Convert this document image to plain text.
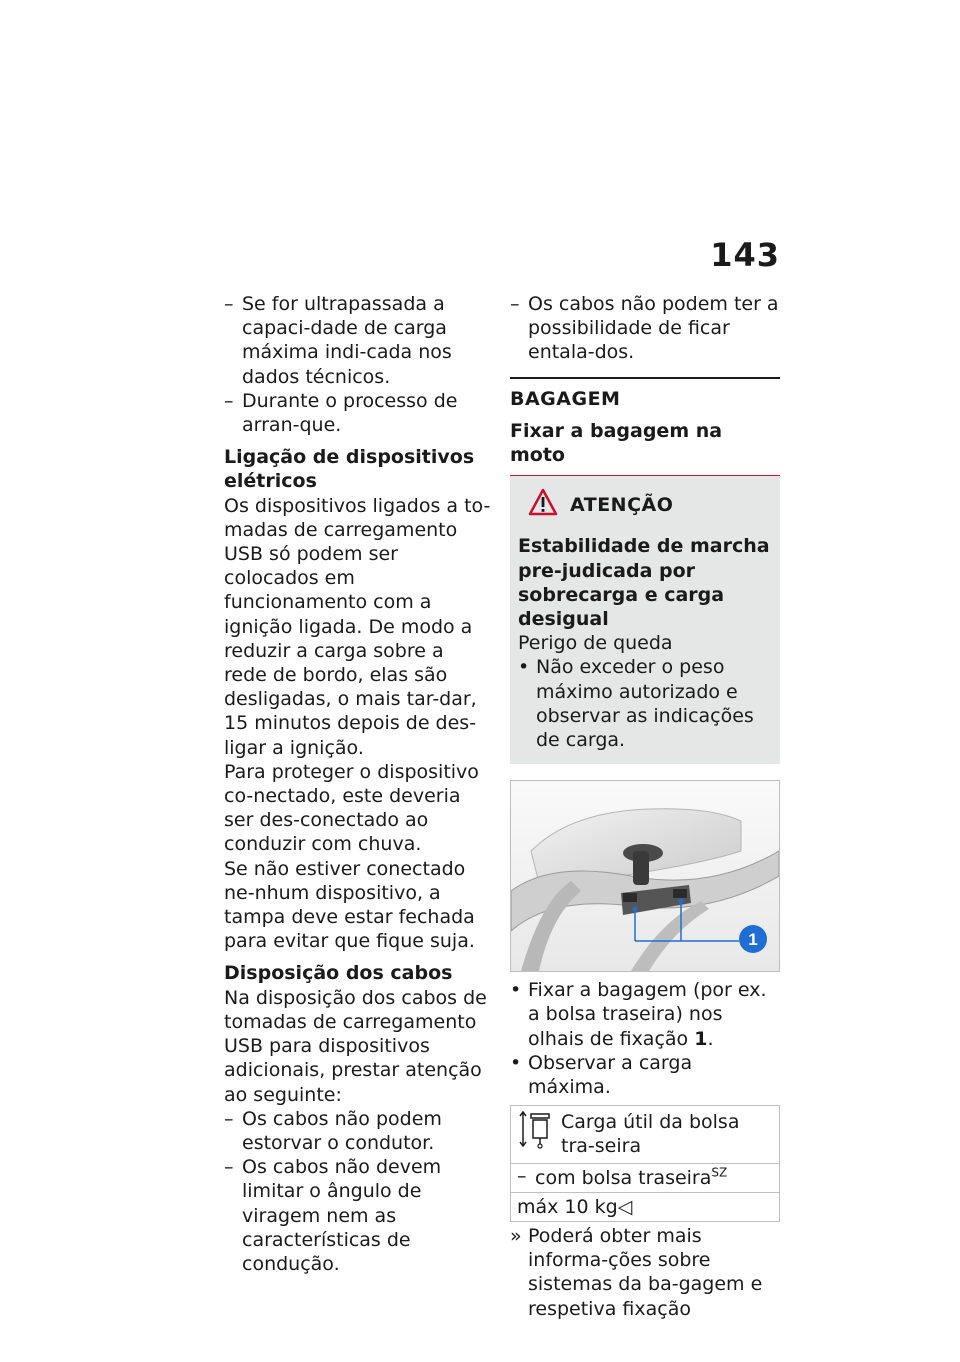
143
– Se for ultrapassada a capaci-dade de carga máxima indi-cada nos dados técnicos.
– Durante o processo de arran-que.

Ligação de dispositivos elétricos

Os dispositivos ligados a to-madas de carregamento USB só podem ser colocados em funcionamento com a ignição ligada. De modo a reduzir a carga sobre a rede de bordo, elas são desligadas, o mais tar-dar, 15 minutos depois de des-ligar a ignição.

Para proteger o dispositivo co-nectado, este deveria ser des-conectado ao conduzir com chuva.

Se não estiver conectado ne-nhum dispositivo, a tampa deve estar fechada para evitar que fique suja.

Disposição dos cabos

Na disposição dos cabos de tomadas de carregamento USB para dispositivos adicionais, prestar atenção ao seguinte:

– Os cabos não podem estorvar o condutor.
– Os cabos não devem limitar o ângulo de viragem nem as características de condução.
– Os cabos não podem ter a possibilidade de ficar entala-dos.
BAGAGEM
Fixar a bagagem na moto
ATENÇÃO

Estabilidade de marcha pre-judicada por sobrecarga e carga desigual

Perigo de queda

• Não exceder o peso máximo autorizado e observar as indicações de carga.
1
• Fixar a bagagem (por ex. a bolsa traseira) nos olhais de fixação 1.
• Observar a carga máxima.
Carga útil da bolsa tra-seira
– com bolsa traseira$^{SZ}$
máx 10 kg◁
» Poderá obter mais informa-ções sobre sistemas da ba-gagem e respetiva fixação
